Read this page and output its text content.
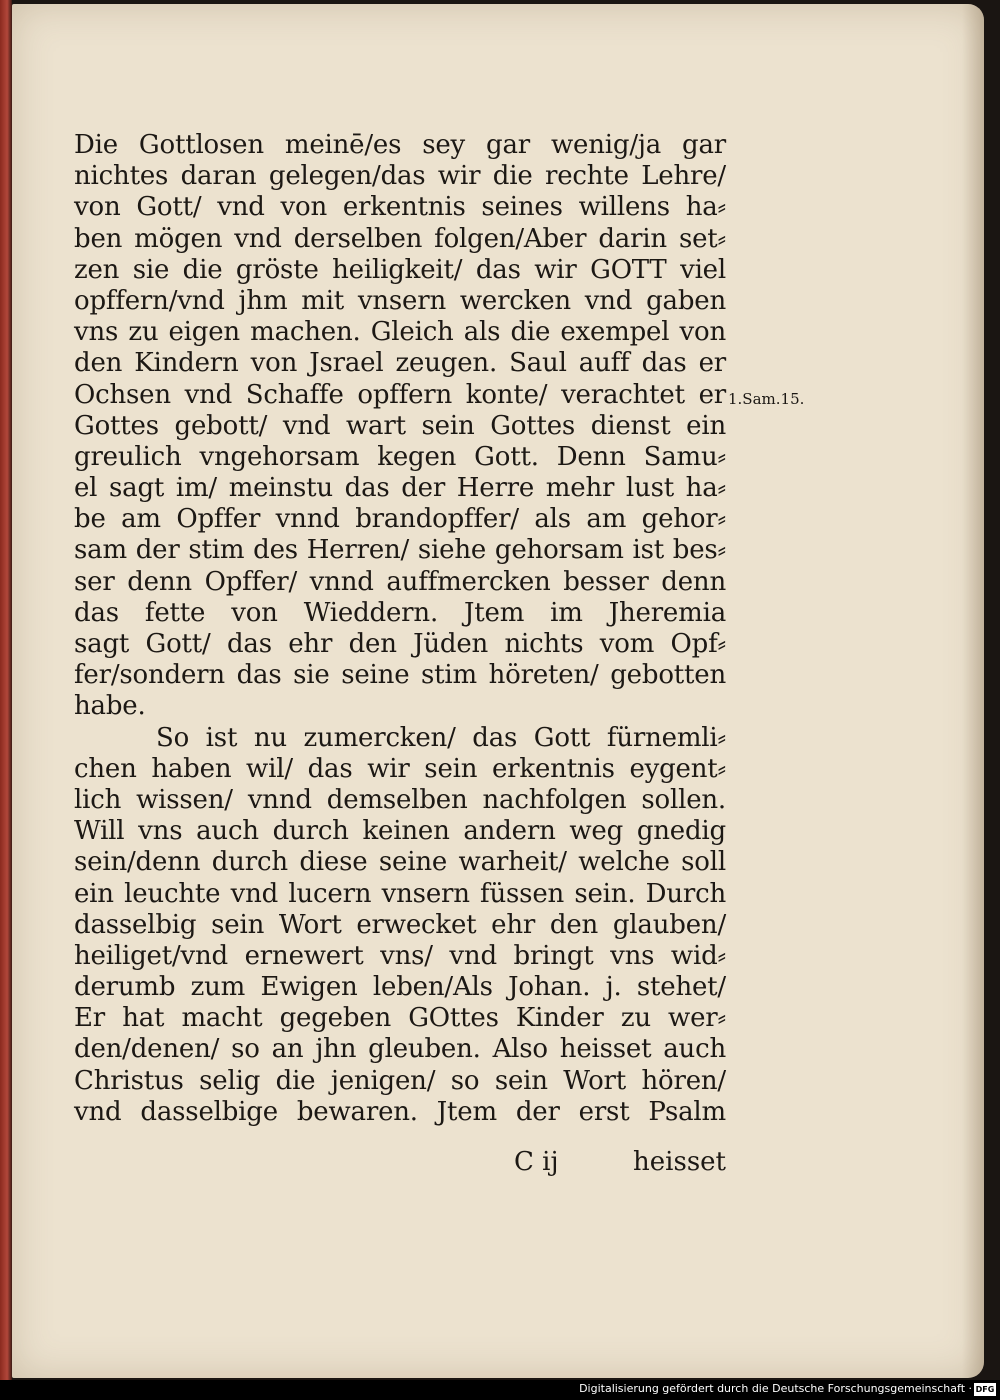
Die Gottlosen meinē/es sey gar wenig/ja gar
nichtes daran gelegen/das wir die rechte Lehre/
von Gott/ vnd von erkentnis seines willens ha⸗
ben mögen vnd derselben folgen/Aber darin set⸗
zen sie die gröste heiligkeit/ das wir GOTT viel
opffern/vnd jhm mit vnsern wercken vnd gaben
vns zu eigen machen. Gleich als die exempel von
den Kindern von Jsrael zeugen. Saul auff das er
Ochsen vnd Schaffe opffern konte/ verachtet er
Gottes gebott/ vnd wart sein Gottes dienst ein
greulich vngehorsam kegen Gott. Denn Samu⸗
el sagt im/ meinstu das der Herre mehr lust ha⸗
be am Opffer vnnd brandopffer/ als am gehor⸗
sam der stim des Herren/ siehe gehorsam ist bes⸗
ser denn Opffer/ vnnd auffmercken besser denn
das fette von Wieddern. Jtem im Jheremia
sagt Gott/ das ehr den Jüden nichts vom Opf⸗
fer/sondern das sie seine stim höreten/ gebotten
habe.
So ist nu zumercken/ das Gott fürnemli⸗
chen haben wil/ das wir sein erkentnis eygent⸗
lich wissen/ vnnd demselben nachfolgen sollen.
Will vns auch durch keinen andern weg gnedig
sein/denn durch diese seine warheit/ welche soll
ein leuchte vnd lucern vnsern füssen sein. Durch
dasselbig sein Wort erwecket ehr den glauben/
heiliget/vnd ernewert vns/ vnd bringt vns wid⸗
derumb zum Ewigen leben/Als Johan. j. stehet/
Er hat macht gegeben GOttes Kinder zu wer⸗
den/denen/ so an jhn gleuben. Also heisset auch
Christus selig die jenigen/ so sein Wort hören/
vnd dasselbige bewaren. Jtem der erst Psalm
1.Sam.15.
C ij	heisset
Digitalisierung gefördert durch die Deutsche Forschungsgemeinschaft · DFG
